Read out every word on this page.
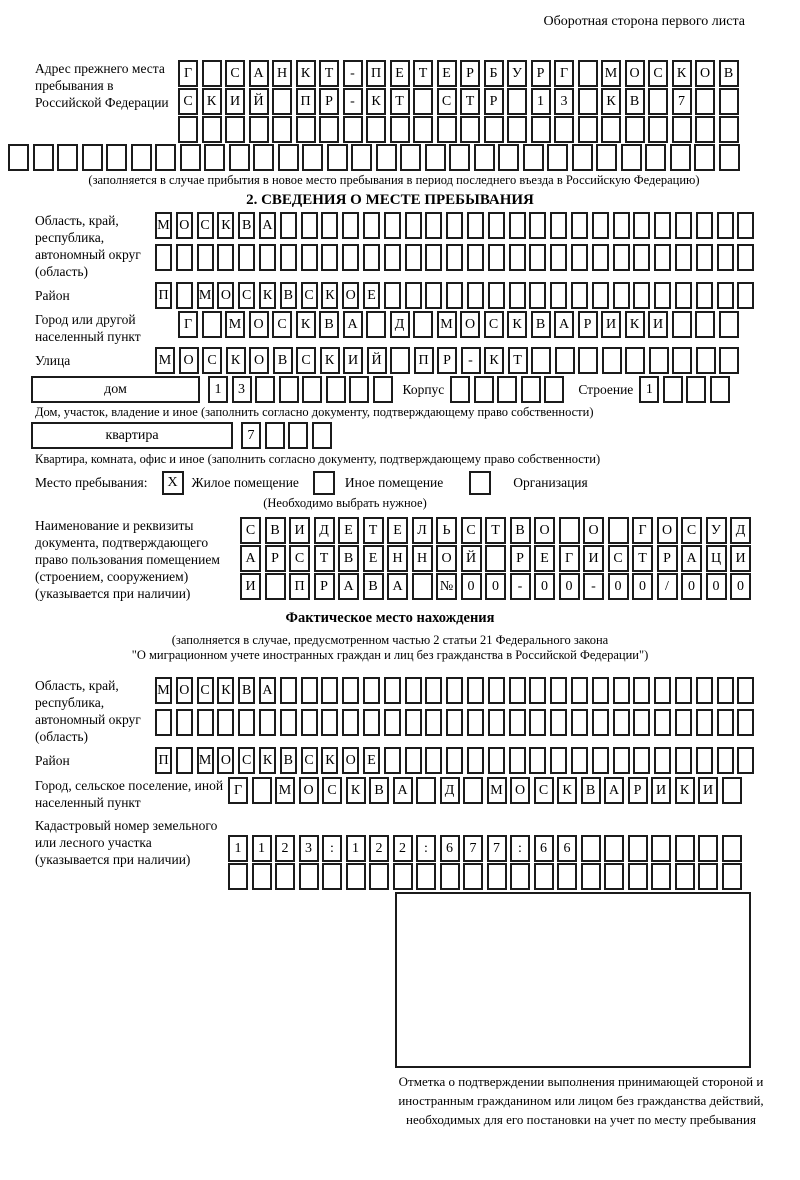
Оборотная сторона первого листа
Адрес прежнего места пребывания в Российской Федерации
Г	С А Н К	Т	-	П	Е	Т	Е	Р	Б	У	Р	Г	М О С	К О В
С	К И Й	П	Р	-	К	Т	С	Т	Р	1	3	К	В	7
(заполняется в случае прибытия в новое место пребывания в период последнего въезда в Российскую Федерацию)
2. СВЕДЕНИЯ О МЕСТЕ ПРЕБЫВАНИЯ
Область, край, республика, автономный округ (область)
М О С К В А
Район	П М О С К В С К О Е
Город или другой населенный пункт
Г	М О С	К	В А	Д	М О С	К	В А	Р	И К И
Улица	М О С	К О В	С	К И Й	П	Р	-	К	Т
дом	1	3	Корпус	Строение 1
Дом, участок, владение и иное (заполнить согласно документу, подтверждающему право собственности)
квартира	7
Квартира, комната, офис и иное (заполнить согласно документу, подтверждающему право собственности)
Место пребывания:	X	Жилое помещение	Иное помещение	Организация
(Необходимо выбрать нужное)
Наименование и реквизиты документа, подтверждающего право пользования помещением (строением, сооружением) (указывается при наличии)
С	В	И	Д	Е	Т	Е	Л	Ь	С	Т	В	О	О	Г	О	С	У	Д
А	Р	С	Т	В	Е	Н	Н	О	Й	Р	Е	Г	И	С	Т	Р	А	Ц	И
И	П	Р	А	В	А	№	0	0	-	0	0	-	0	0	/	0	0	0
Фактическое место нахождения
(заполняется в случае, предусмотренном частью 2 статьи 21 Федерального закона
"О миграционном учете иностранных граждан и лиц без гражданства в Российской Федерации")
Область, край, республика, автономный округ (область)
М О С К В А
Район	П М О С К В С К О Е
Город, сельское поселение, иной населенный пункт
Г	М О С	К	В А	Д	М О С	К	В А	Р	И К И
Кадастровый номер земельного или лесного участка (указывается при наличии)
1	1	2	3	:	1	2	2	:	6	7	7	:	6	6
Отметка о подтверждении выполнения принимающей стороной и иностранным гражданином или лицом без гражданства действий, необходимых для его постановки на учет по месту пребывания
